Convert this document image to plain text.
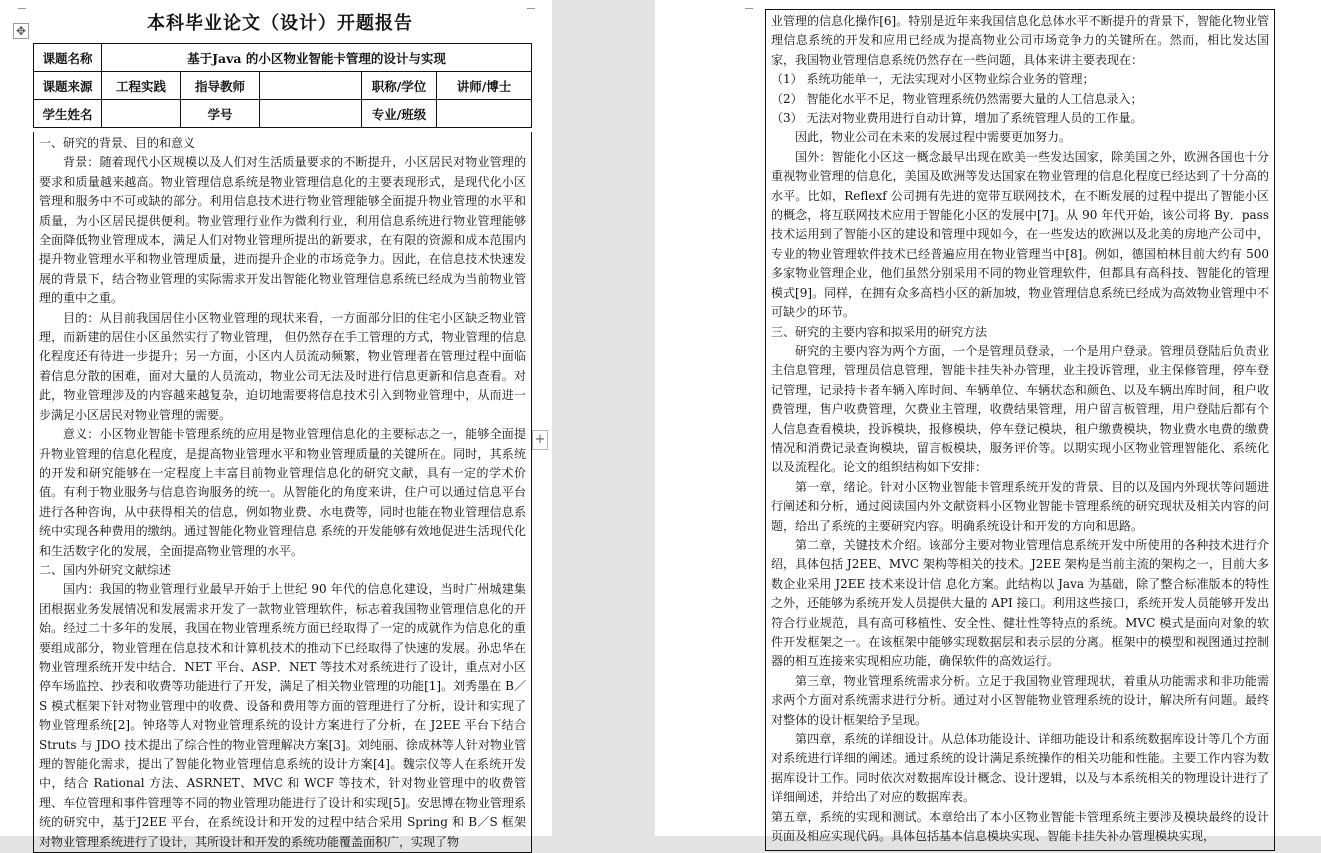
本科毕业论文（设计）开题报告
✥
课题名称	基于Java 的小区物业智能卡管理的设计与实现				
课题来源	工程实践	指导教师		职称/学位	讲师/博士
学生姓名		学号		专业/班级	

一、研究的背景、目的和意义

背景：随着现代小区规模以及人们对生活质量要求的不断提升，小区居民对物业管理的要求和质量越来越高。物业管理信息系统是物业管理信息化的主要表现形式，是现代化小区管理和服务中不可或缺的部分。利用信息技术进行物业管理能够全面提升物业管理的水平和质量，为小区居民提供便利。物业管理行业作为微利行业，利用信息系统进行物业管理能够全面降低物业管理成本，满足人们对物业管理所提出的新要求，在有限的资源和成本范围内提升物业管理水平和物业管理质量，进而提升企业的市场竞争力。因此，在信息技术快速发展的背景下，结合物业管理的实际需求开发出智能化物业管理信息系统已经成为当前物业管理的重中之重。

目的：从目前我国居住小区物业管理的现状来看，一方面部分旧的住宅小区缺乏物业管理，而新建的居住小区虽然实行了物业管理， 但仍然存在手工管理的方式，物业管理的信息化程度还有待进一步提升；另一方面，小区内人员流动频繁，物业管理者在管理过程中面临着信息分散的困难，面对大量的人员流动，物业公司无法及时进行信息更新和信息查看。对此，物业管理涉及的内容越来越复杂，迫切地需要将信息技术引入到物业管理中，从而进一步满足小区居民对物业管理的需要。

意义：小区物业智能卡管理系统的应用是物业管理信息化的主要标志之一，能够全面提升物业管理的信息化程度，是提高物业管理水平和物业管理质量的关键所在。同时，其系统的开发和研究能够在一定程度上丰富目前物业管理信息化的研究文献，具有一定的学术价值。有利于物业服务与信息咨询服务的统一。从智能化的角度来讲，住户可以通过信息平台进行各种咨询，从中获得相关的信息，例如物业费、水电费等，同时也能在物业管理信息系统中实现各种费用的缴纳。通过智能化物业管理信息 系统的开发能够有效地促进生活现代化和生活数字化的发展，全面提高物业管理的水平。

二、国内外研究文献综述

国内：我国的物业管理行业最早开始于上世纪 90 年代的信息化建设，当时广州城建集团根据业务发展情况和发展需求开发了一款物业管理软件，标志着我国物业管理信息化的开始。经过二十多年的发展，我国在物业管理系统方面已经取得了一定的成就作为信息化的重要组成部分，物业管理在信息技术和计算机技术的推动下已经取得了快速的发展。孙忠华在物业管理系统开发中结合．NET 平台、ASP．NET 等技术对系统进行了设计，重点对小区停车场监控、抄表和收费等功能进行了开发，满足了相关物业管理的功能[1]。刘秀墨在 B／S 模式框架下针对物业管理中的收费、设备和费用等方面的管理进行了分析，设计和实现了物业管理系统[2]。钟珞等人对物业管理系统的设计方案进行了分析，在 J2EE 平台下结合 Struts 与 JDO 技术提出了综合性的物业管理解决方案[3]。刘纯丽、徐成林等人针对物业管理的智能化需求，提出了智能化物业管理信息系统的设计方案[4]。魏宗仪等人在系统开发中，结合 Rational 方法、ASRNET、MVC 和 WCF 等技术，针对物业管理中的收费管理、车位管理和事件管理等不同的物业管理功能进行了设计和实现[5]。安思博在物业管理系统的研究中，基于J2EE 平台，在系统设计和开发的过程中结合采用 Spring 和 B／S 框架对物业管理系统进行了设计，其所设计和开发的系统功能覆盖面积广，实现了物

+

业管理的信息化操作[6]。特别是近年来我国信息化总体水平不断提升的背景下，智能化物业管理信息系统的开发和应用已经成为提高物业公司市场竞争力的关键所在。然而，相比发达国家，我国物业管理信息系统仍然存在一些问题，具体来讲主要表现在：

（1） 系统功能单一，无法实现对小区物业综合业务的管理；

（2） 智能化水平不足，物业管理系统仍然需要大量的人工信息录入；

（3） 无法对物业费用进行自动计算，增加了系统管理人员的工作量。

因此，物业公司在未来的发展过程中需要更加努力。

国外：智能化小区这一概念最早出现在欧美一些发达国家，除美国之外，欧洲各国也十分重视物业管理的信息化，美国及欧洲等发达国家在物业管理的信息化程度已经达到了十分高的水平。比如，Reflexf 公司拥有先进的宽带互联网技术，在不断发展的过程中提出了智能小区的概念，将互联网技术应用于智能化小区的发展中[7]。从 90 年代开始，该公司将 By．pass 技术运用到了智能小区的建设和管理中现如今，在一些发达的欧洲以及北美的房地产公司中，专业的物业管理软件技术已经普遍应用在物业管理当中[8]。例如，德国柏林目前大约有 500 多家物业管理企业，他们虽然分别采用不同的物业管理软件，但都具有高科技、智能化的管理模式[9]。同样，在拥有众多高档小区的新加坡，物业管理信息系统已经成为高效物业管理中不可缺少的环节。

三、研究的主要内容和拟采用的研究方法

研究的主要内容为两个方面，一个是管理员登录，一个是用户登录。管理员登陆后负责业主信息管理，管理员信息管理，智能卡挂失补办管理，业主投诉管理，业主保修管理，停车登记管理，记录持卡者车辆入库时间、车辆单位、车辆状态和颜色、以及车辆出库时间，租户收费管理，售户收费管理，欠费业主管理，收费结果管理，用户留言板管理，用户登陆后都有个人信息查看模块，投诉模块，报修模块，停车登记模块，租户缴费模块，物业费水电费的缴费情况和消费记录查询模块，留言板模块，服务评价等。以期实现小区物业管理智能化、系统化以及流程化。论文的组织结构如下安排：

第一章，绪论。针对小区物业智能卡管理系统开发的背景、目的以及国内外现状等问题进行阐述和分析，通过阅读国内外文献资料小区物业智能卡管理系统的研究现状及相关内容的问题，给出了系统的主要研究内容。明确系统设计和开发的方向和思路。

第二章，关键技术介绍。该部分主要对物业管理信息系统开发中所使用的各种技术进行介绍，具体包括 J2EE、MVC 架构等相关的技术。J2EE 架构是当前主流的架构之一，目前大多数企业采用 J2EE 技术来设计信 息化方案。此结构以 Java 为基础，除了整合标准版本的特性之外，还能够为系统开发人员提供大量的 API 接口。利用这些接口，系统开发人员能够开发出符合行业规范，具有高可移植性、安全性、健壮性等特点的系统。MVC 模式是面向对象的软件开发框架之一。在该框架中能够实现数据层和表示层的分离。框架中的模型和视图通过控制器的相互连接来实现相应功能，确保软件的高效运行。

第三章，物业管理系统需求分析。立足于我国物业管理现状，着重从功能需求和非功能需求两个方面对系统需求进行分析。通过对小区智能物业管理系统的设计，解决所有问题。最终对整体的设计框架给予呈现。

第四章，系统的详细设计。从总体功能设计、详细功能设计和系统数据库设计等几个方面对系统进行详细的阐述。通过系统的设计满足系统操作的相关功能和性能。主要工作内容为数据库设计工作。同时依次对数据库设计概念、设计逻辑，以及与本系统相关的物理设计进行了详细阐述，并给出了对应的数据库表。

第五章，系统的实现和测试。本章给出了本小区物业智能卡管理系统主要涉及模块最终的设计页面及相应实现代码。具体包括基本信息模块实现、智能卡挂失补办管理模块实现，
